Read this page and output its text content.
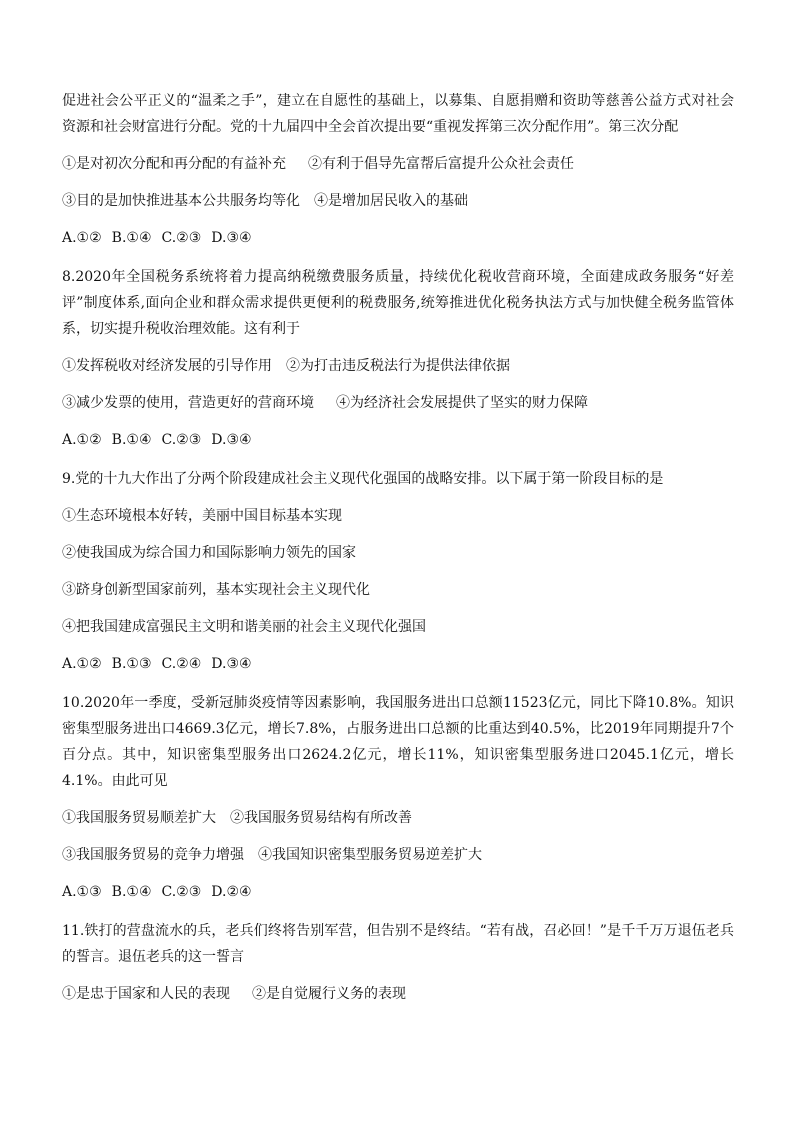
促进社会公平正义的“温柔之手”，建立在自愿性的基础上，以募集、自愿捐赠和资助等慈善公益方式对社会资源和社会财富进行分配。党的十九届四中全会首次提出要“重视发挥第三次分配作用”。第三次分配

①是对初次分配和再分配的有益补充 ②有利于倡导先富帮后富提升公众社会责任
③目的是加快推进基本公共服务均等化 ④是增加居民收入的基础
A.①② B.①④ C.②③ D.③④

8.2020年全国税务系统将着力提高纳税缴费服务质量，持续优化税收营商环境，全面建成政务服务“好差评”制度体系,面向企业和群众需求提供更便利的税费服务,统筹推进优化税务执法方式与加快健全税务监管体系，切实提升税收治理效能。这有利于

①发挥税收对经济发展的引导作用 ②为打击违反税法行为提供法律依据
③减少发票的使用，营造更好的营商环境 ④为经济社会发展提供了坚实的财力保障
A.①② B.①④ C.②③ D.③④

9.党的十九大作出了分两个阶段建成社会主义现代化强国的战略安排。以下属于第一阶段目标的是

①生态环境根本好转，美丽中国目标基本实现
②使我国成为综合国力和国际影响力领先的国家
③跻身创新型国家前列，基本实现社会主义现代化
④把我国建成富强民主文明和谐美丽的社会主义现代化强国
A.①② B.①③ C.②④ D.③④

10.2020年一季度，受新冠肺炎疫情等因素影响，我国服务进出口总额11523亿元，同比下降10.8%。知识密集型服务进出口4669.3亿元，增长7.8%，占服务进出口总额的比重达到40.5%，比2019年同期提升7个百分点。其中，知识密集型服务出口2624.2亿元，增长11%，知识密集型服务进口2045.1亿元，增长4.1%。由此可见

①我国服务贸易顺差扩大 ②我国服务贸易结构有所改善
③我国服务贸易的竞争力增强 ④我国知识密集型服务贸易逆差扩大
A.①③ B.①④ C.②③ D.②④

11.铁打的营盘流水的兵，老兵们终将告别军营，但告别不是终结。“若有战，召必回！”是千千万万退伍老兵的誓言。退伍老兵的这一誓言

①是忠于国家和人民的表现 ②是自觉履行义务的表现
